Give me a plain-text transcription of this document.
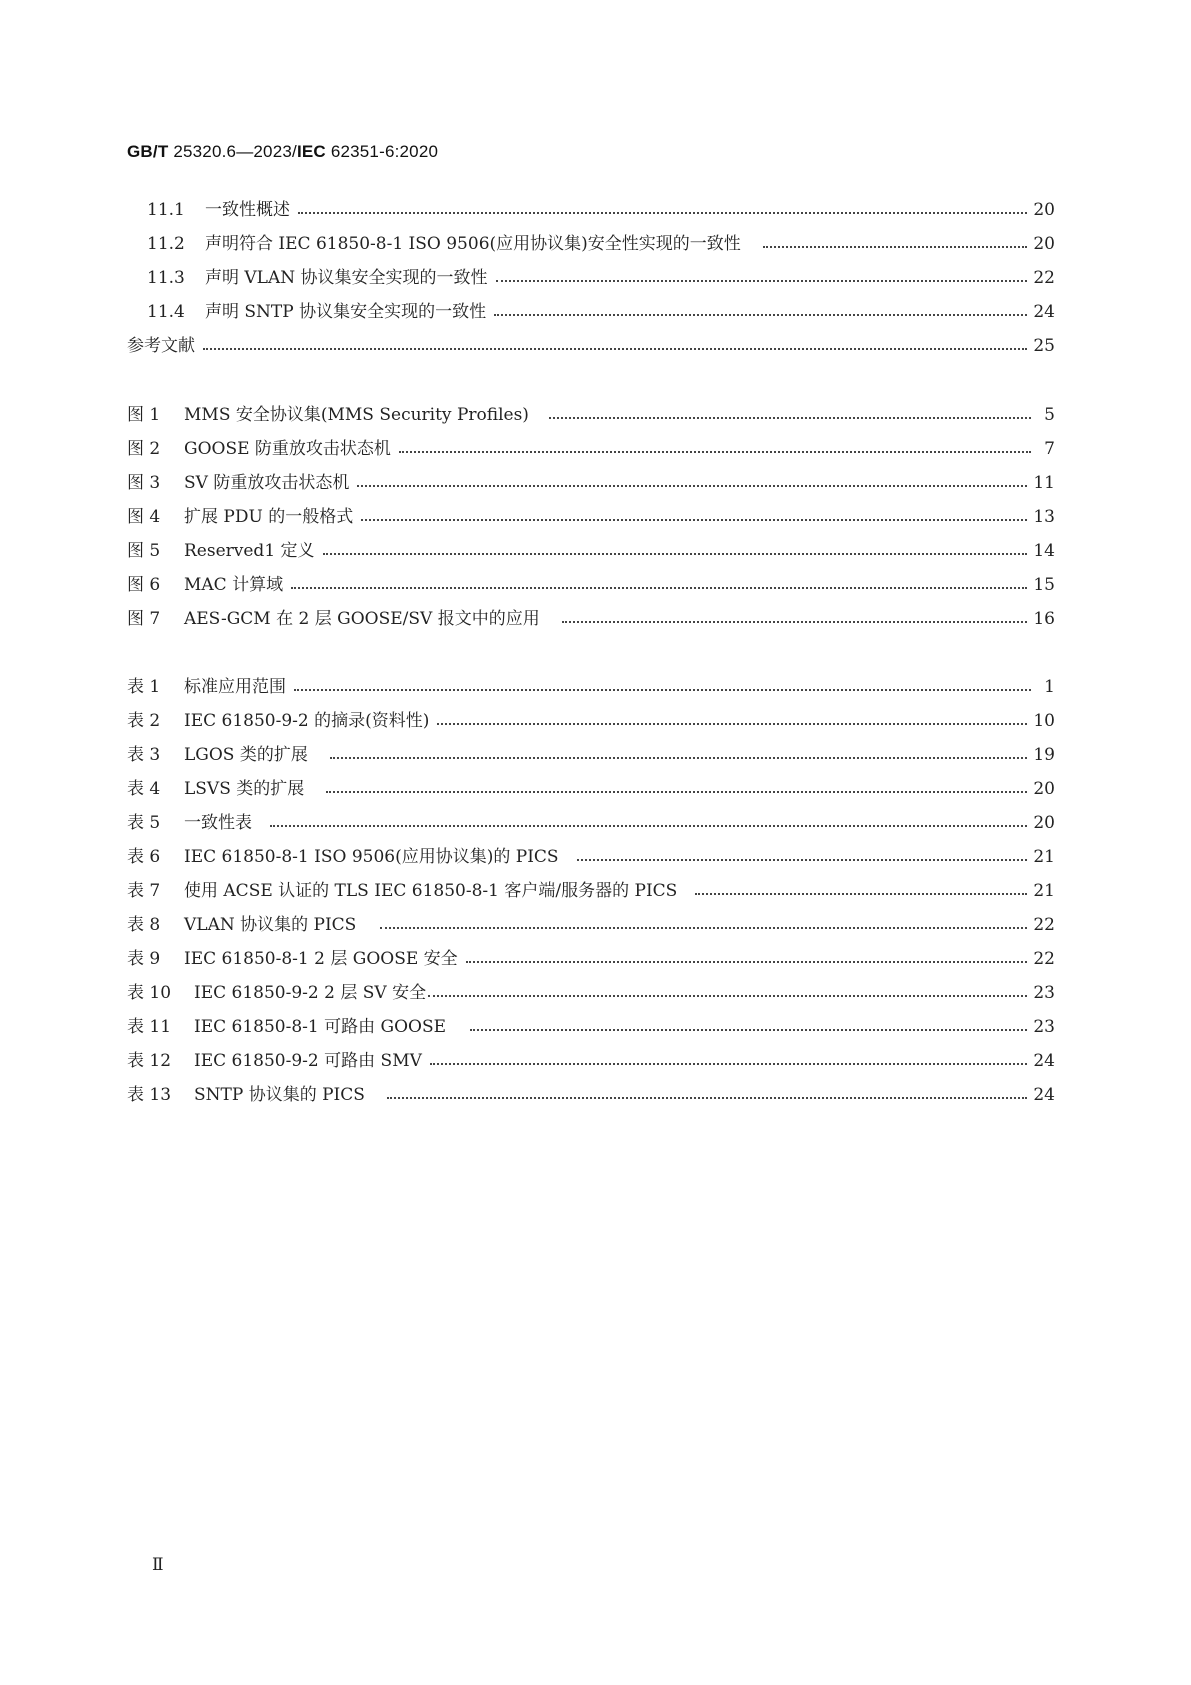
GB/T 25320.6—2023/IEC 62351-6:2020
11.1	一致性概述	20
11.2	声明符合 IEC 61850-8-1 ISO 9506(应用协议集)安全性实现的一致性	20
11.3	声明 VLAN 协议集安全实现的一致性	22
11.4	声明 SNTP 协议集安全实现的一致性	24
参考文献	25
图 1	MMS 安全协议集(MMS Security Profiles)	5
图 2	GOOSE 防重放攻击状态机	7
图 3	SV 防重放攻击状态机	11
图 4	扩展 PDU 的一般格式	13
图 5	Reserved1 定义	14
图 6	MAC 计算域	15
图 7	AES-GCM 在 2 层 GOOSE/SV 报文中的应用	16
表 1	标准应用范围	1
表 2	IEC 61850-9-2 的摘录(资料性)	10
表 3	LGOS 类的扩展	19
表 4	LSVS 类的扩展	20
表 5	一致性表	20
表 6	IEC 61850-8-1 ISO 9506(应用协议集)的 PICS	21
表 7	使用 ACSE 认证的 TLS IEC 61850-8-1 客户端/服务器的 PICS	21
表 8	VLAN 协议集的 PICS	22
表 9	IEC 61850-8-1 2 层 GOOSE 安全	22
表 10	IEC 61850-9-2 2 层 SV 安全	23
表 11	IEC 61850-8-1 可路由 GOOSE	23
表 12	IEC 61850-9-2 可路由 SMV	24
表 13	SNTP 协议集的 PICS	24
Ⅱ
